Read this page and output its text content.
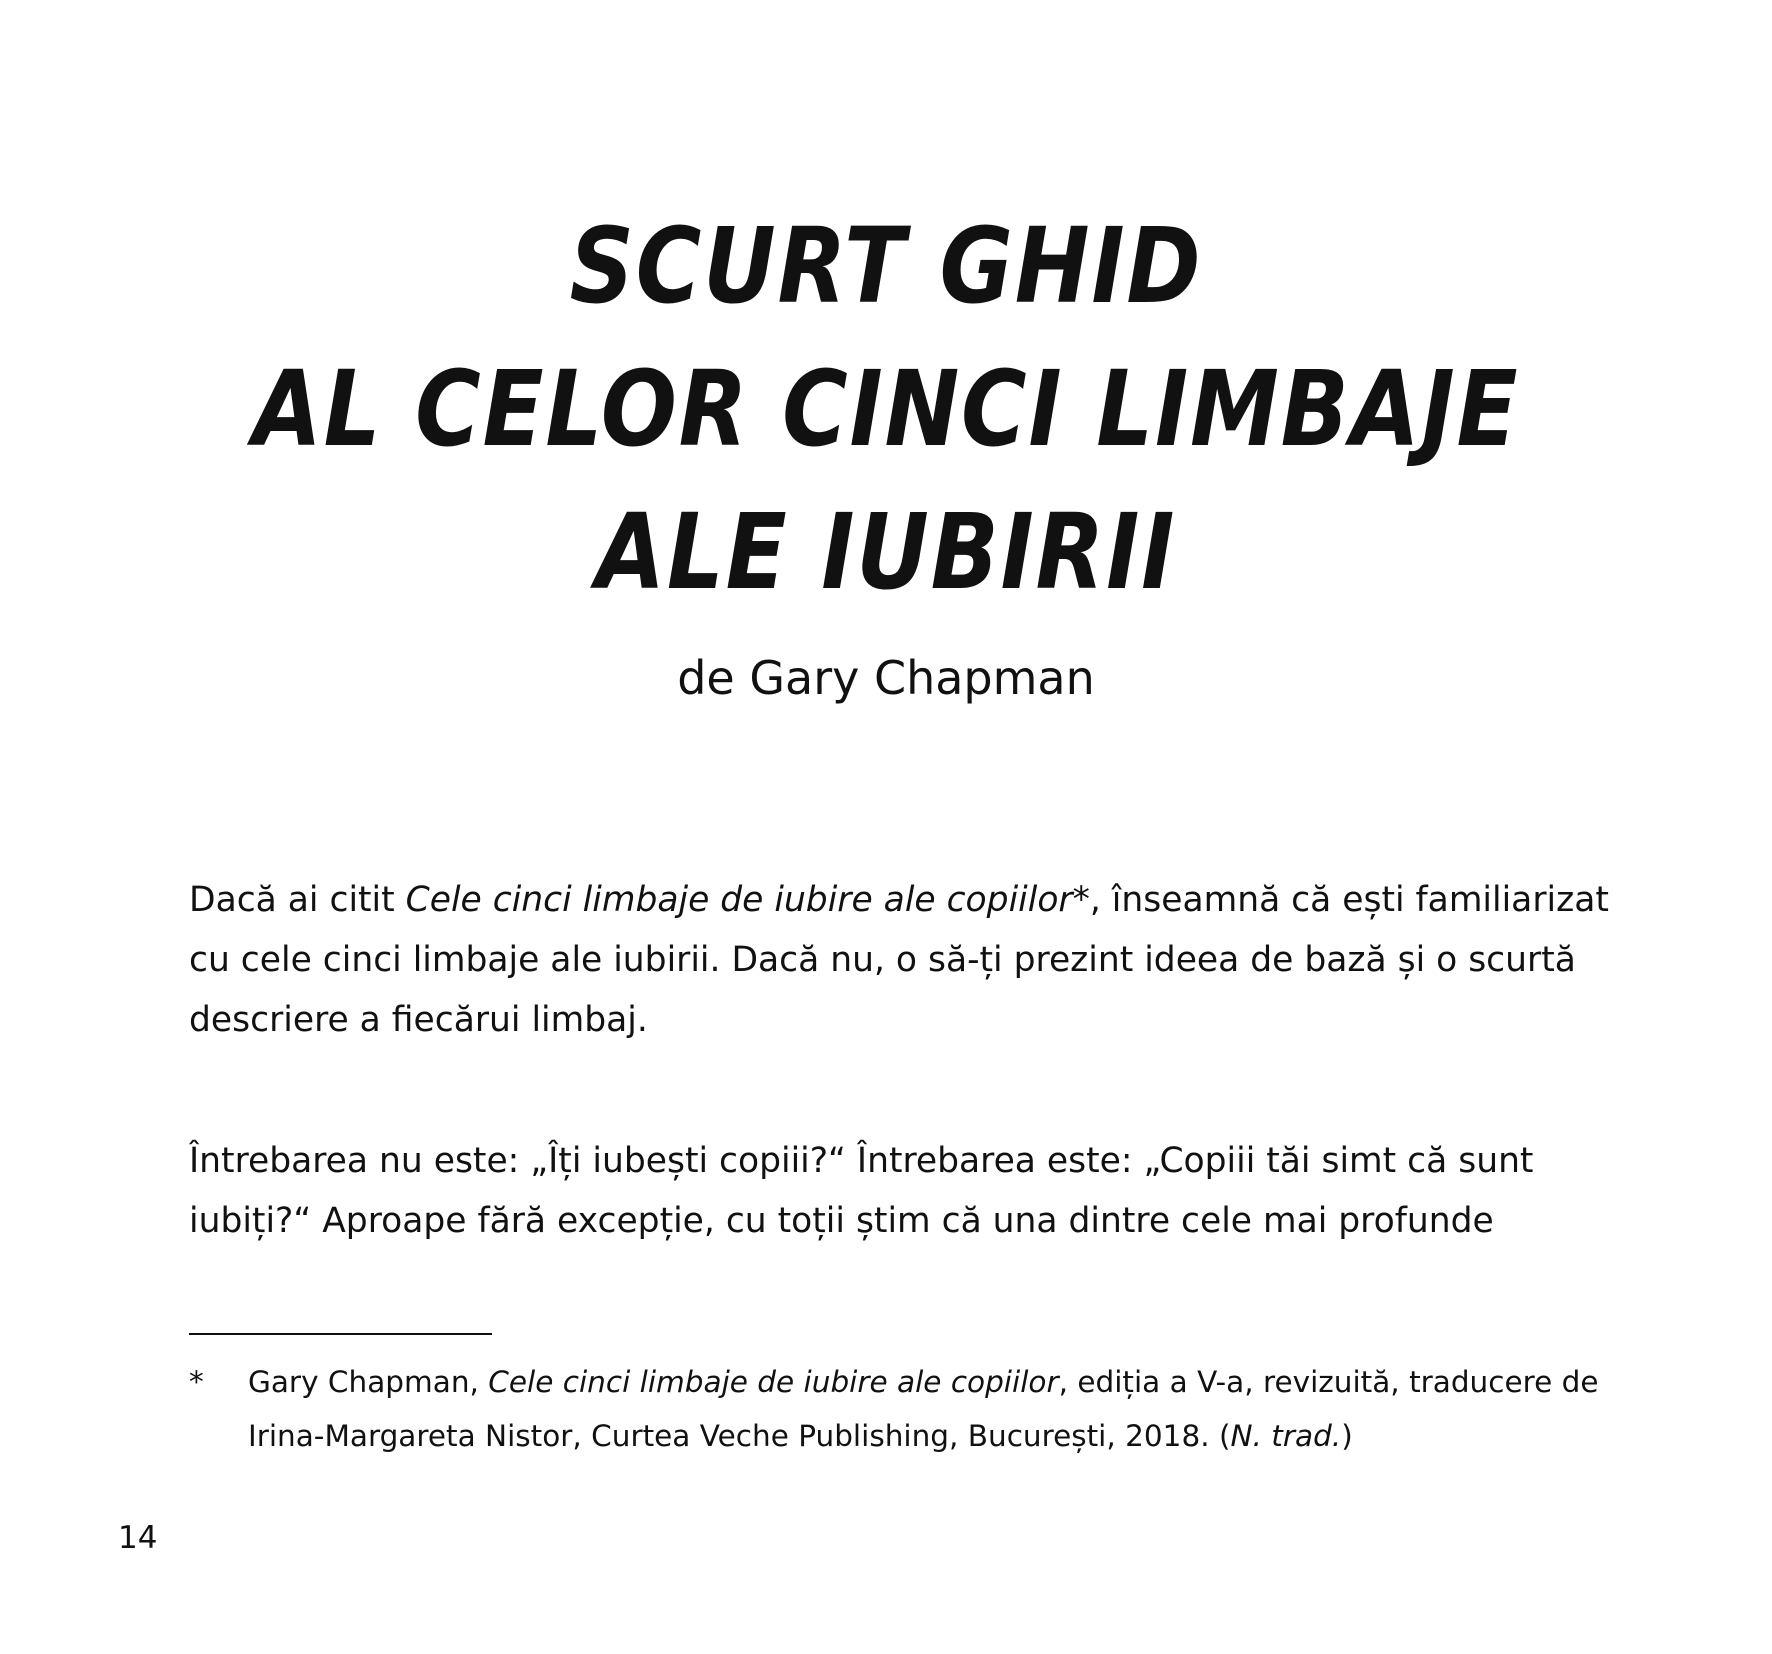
SCURT GHID
AL CELOR CINCI LIMBAJE
ALE IUBIRII
de Gary Chapman

Dacă ai citit Cele cinci limbaje de iubire ale copiilor*, înseamnă că ești familiarizat
cu cele cinci limbaje ale iubirii. Dacă nu, o să-ți prezint ideea de bază și o scurtă
descriere a fiecărui limbaj.

Întrebarea nu este: „Îți iubești copiii?“ Întrebarea este: „Copiii tăi simt că sunt
iubiți?“ Aproape fără excepție, cu toții știm că una dintre cele mai profunde

* Gary Chapman, Cele cinci limbaje de iubire ale copiilor, ediția a V-a, revizuită, traducere de
Irina-Margareta Nistor, Curtea Veche Publishing, București, 2018. (N. trad.)
14
